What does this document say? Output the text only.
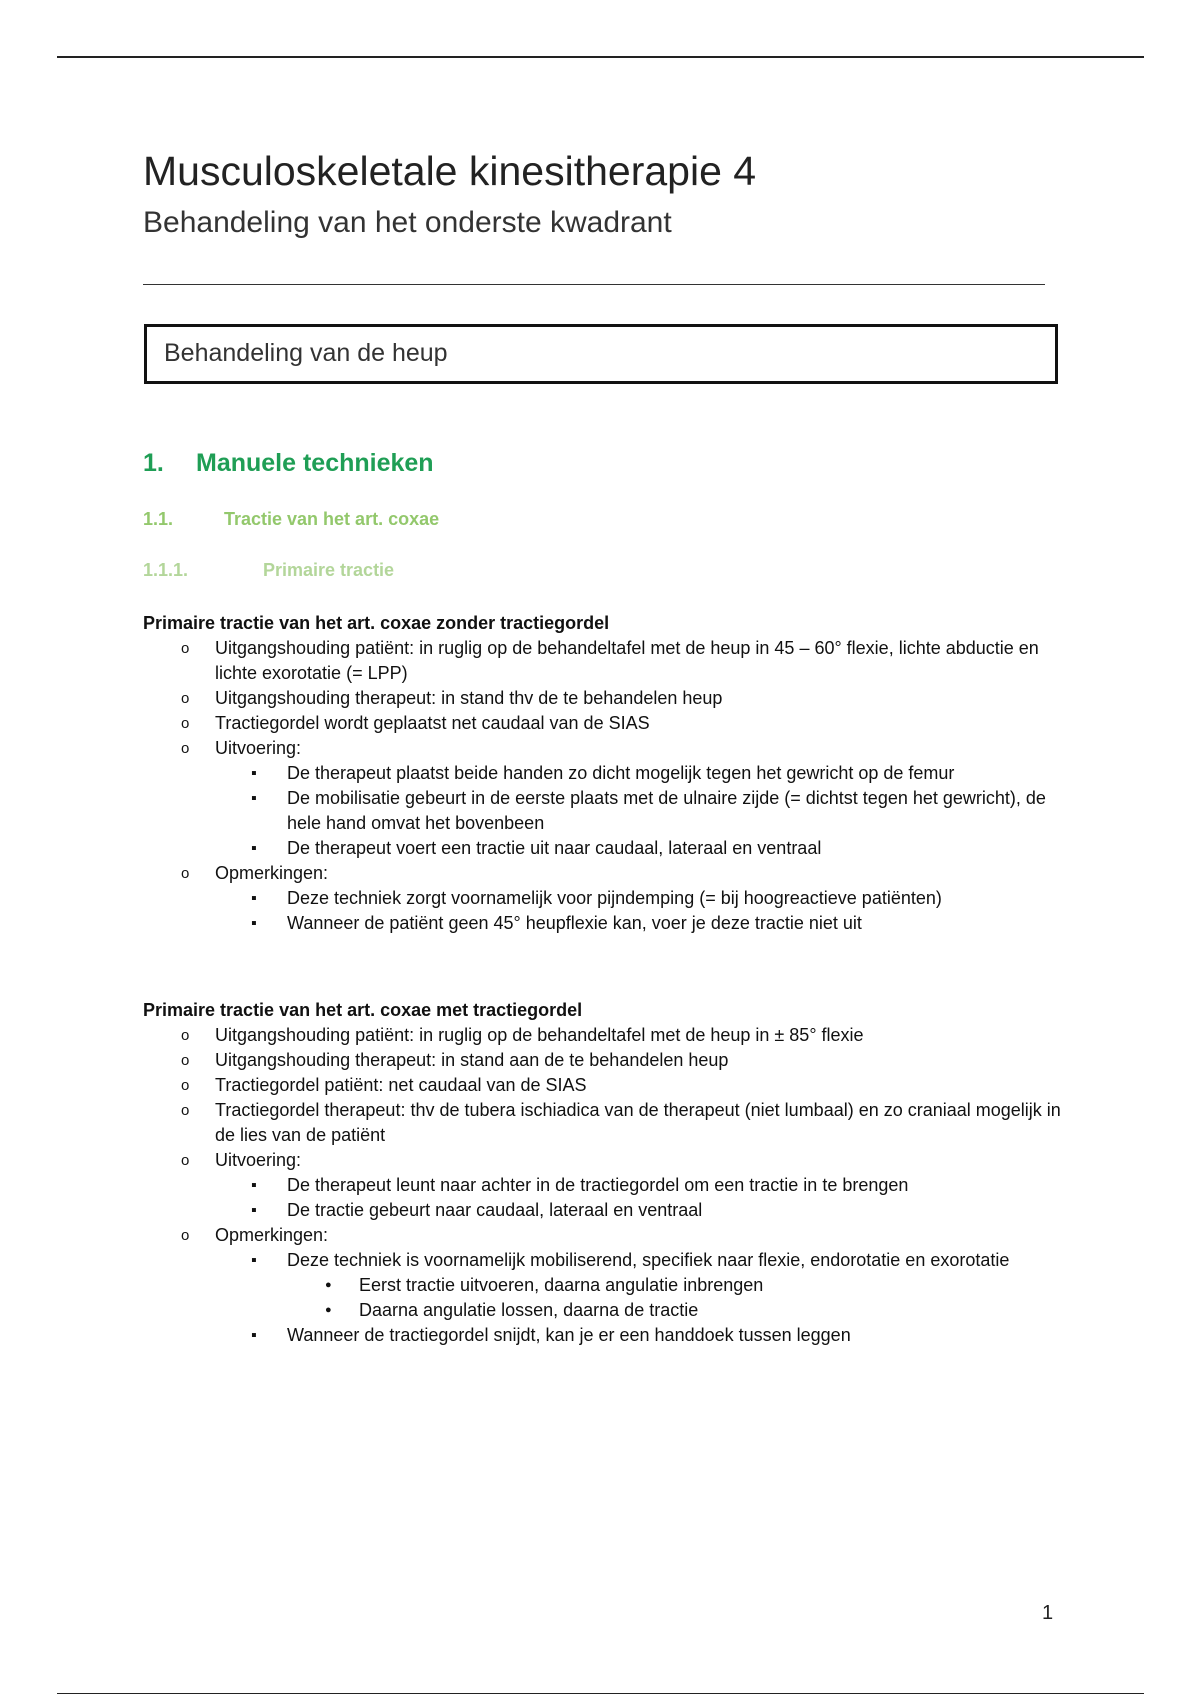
Musculoskeletale kinesitherapie 4
Behandeling van het onderste kwadrant
Behandeling van de heup
1. Manuele technieken
1.1.	Tractie van het art. coxae
1.1.1.	Primaire tractie

Primaire tractie van het art. coxae zonder tractiegordel

o Uitgangshouding patiënt: in ruglig op de behandeltafel met de heup in 45 – 60° flexie, lichte abductie en lichte exorotatie (= LPP)
o Uitgangshouding therapeut: in stand thv de te behandelen heup
o Tractiegordel wordt geplaatst net caudaal van de SIAS
o Uitvoering:
▪ De therapeut plaatst beide handen zo dicht mogelijk tegen het gewricht op de femur
▪ De mobilisatie gebeurt in de eerste plaats met de ulnaire zijde (= dichtst tegen het gewricht), de hele hand omvat het bovenbeen
▪ De therapeut voert een tractie uit naar caudaal, lateraal en ventraal
o Opmerkingen:
▪ Deze techniek zorgt voornamelijk voor pijndemping (= bij hoogreactieve patiënten)
▪ Wanneer de patiënt geen 45° heupflexie kan, voer je deze tractie niet uit

Primaire tractie van het art. coxae met tractiegordel

o Uitgangshouding patiënt: in ruglig op de behandeltafel met de heup in ± 85° flexie
o Uitgangshouding therapeut: in stand aan de te behandelen heup
o Tractiegordel patiënt: net caudaal van de SIAS
o Tractiegordel therapeut: thv de tubera ischiadica van de therapeut (niet lumbaal) en zo craniaal mogelijk in de lies van de patiënt
o Uitvoering:
▪ De therapeut leunt naar achter in de tractiegordel om een tractie in te brengen
▪ De tractie gebeurt naar caudaal, lateraal en ventraal
o Opmerkingen:
▪ Deze techniek is voornamelijk mobiliserend, specifiek naar flexie, endorotatie en exorotatie
● Eerst tractie uitvoeren, daarna angulatie inbrengen
● Daarna angulatie lossen, daarna de tractie
▪ Wanneer de tractiegordel snijdt, kan je er een handdoek tussen leggen
1
